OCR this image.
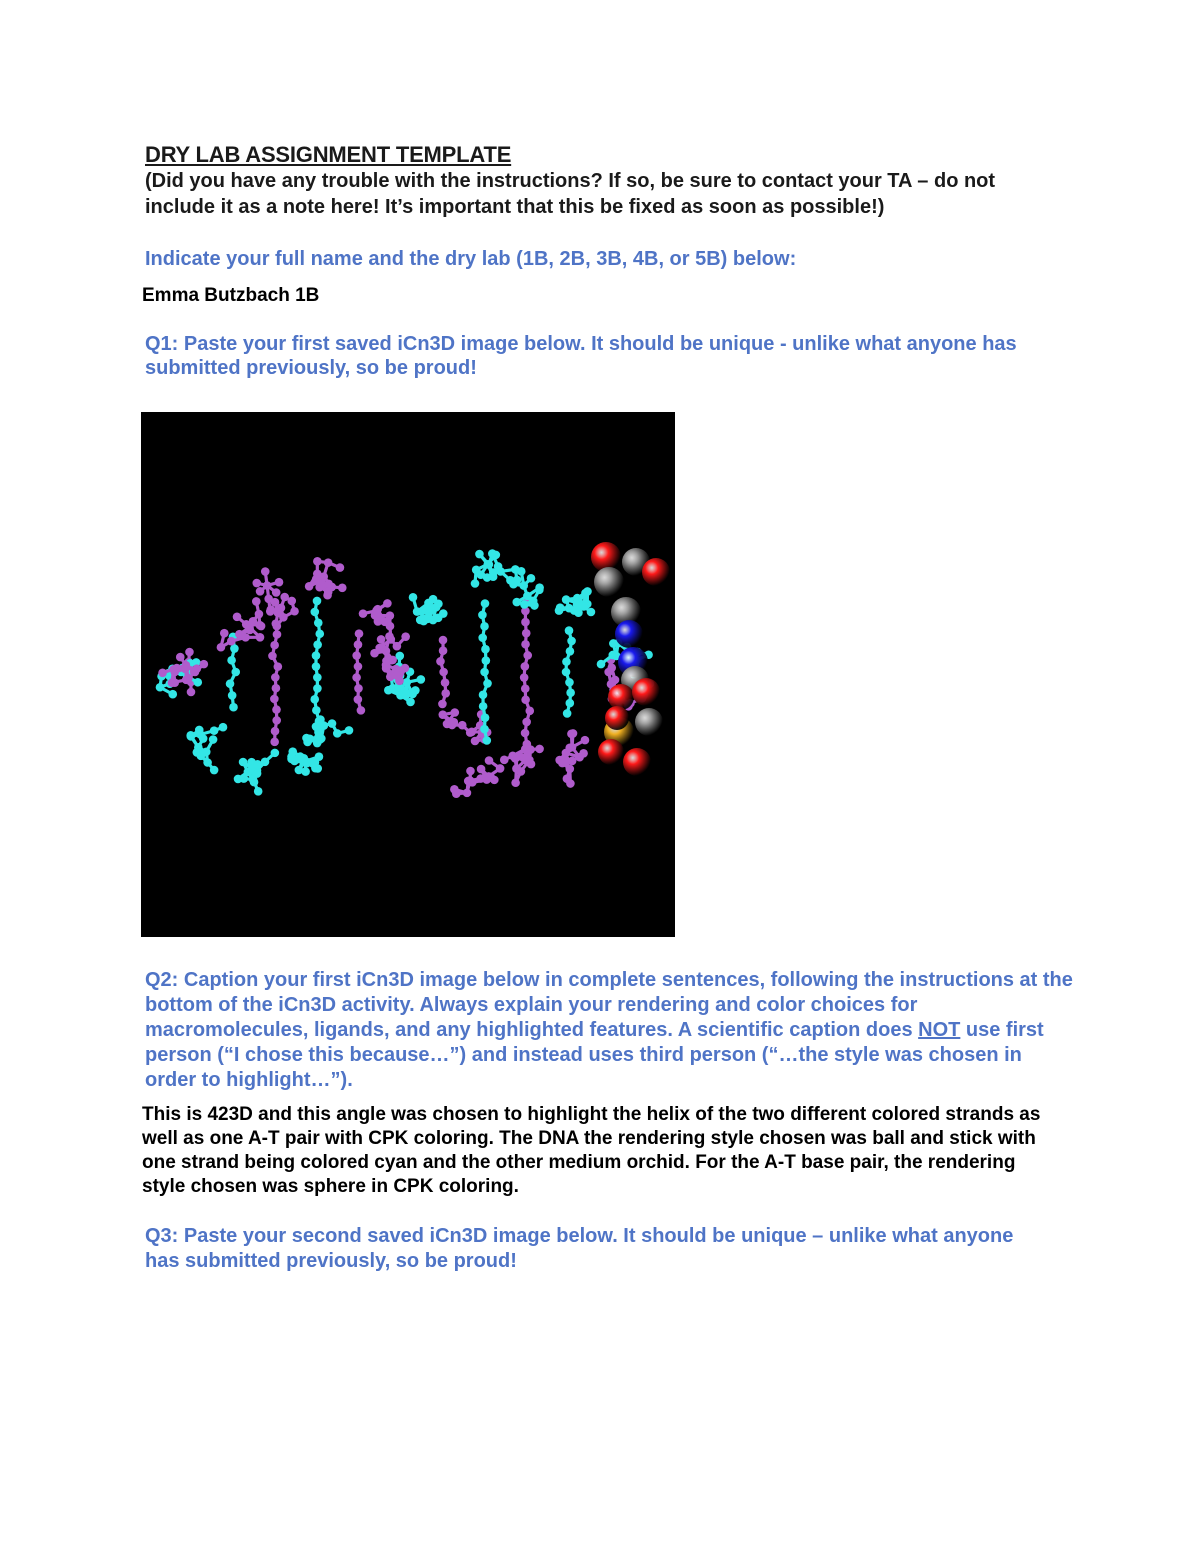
DRY LAB ASSIGNMENT TEMPLATE
(Did you have any trouble with the instructions? If so, be sure to contact your TA – do not include it as a note here! It’s important that this be fixed as soon as possible!)
Indicate your full name and the dry lab (1B, 2B, 3B, 4B, or 5B) below:
Emma Butzbach 1B
Q1: Paste your first saved iCn3D image below. It should be unique - unlike what anyone has submitted previously, so be proud!
Q2: Caption your first iCn3D image below in complete sentences, following the instructions at the bottom of the iCn3D activity. Always explain your rendering and color choices for macromolecules, ligands, and any highlighted features. A scientific caption does NOT use first person (“I chose this because…”) and instead uses third person (“…the style was chosen in order to highlight…”).
This is 423D and this angle was chosen to highlight the helix of the two different colored strands as well as one A-T pair with CPK coloring. The DNA the rendering style chosen was ball and stick with one strand being colored cyan and the other medium orchid. For the A-T base pair, the rendering style chosen was sphere in CPK coloring.
Q3: Paste your second saved iCn3D image below. It should be unique – unlike what anyone has submitted previously, so be proud!
